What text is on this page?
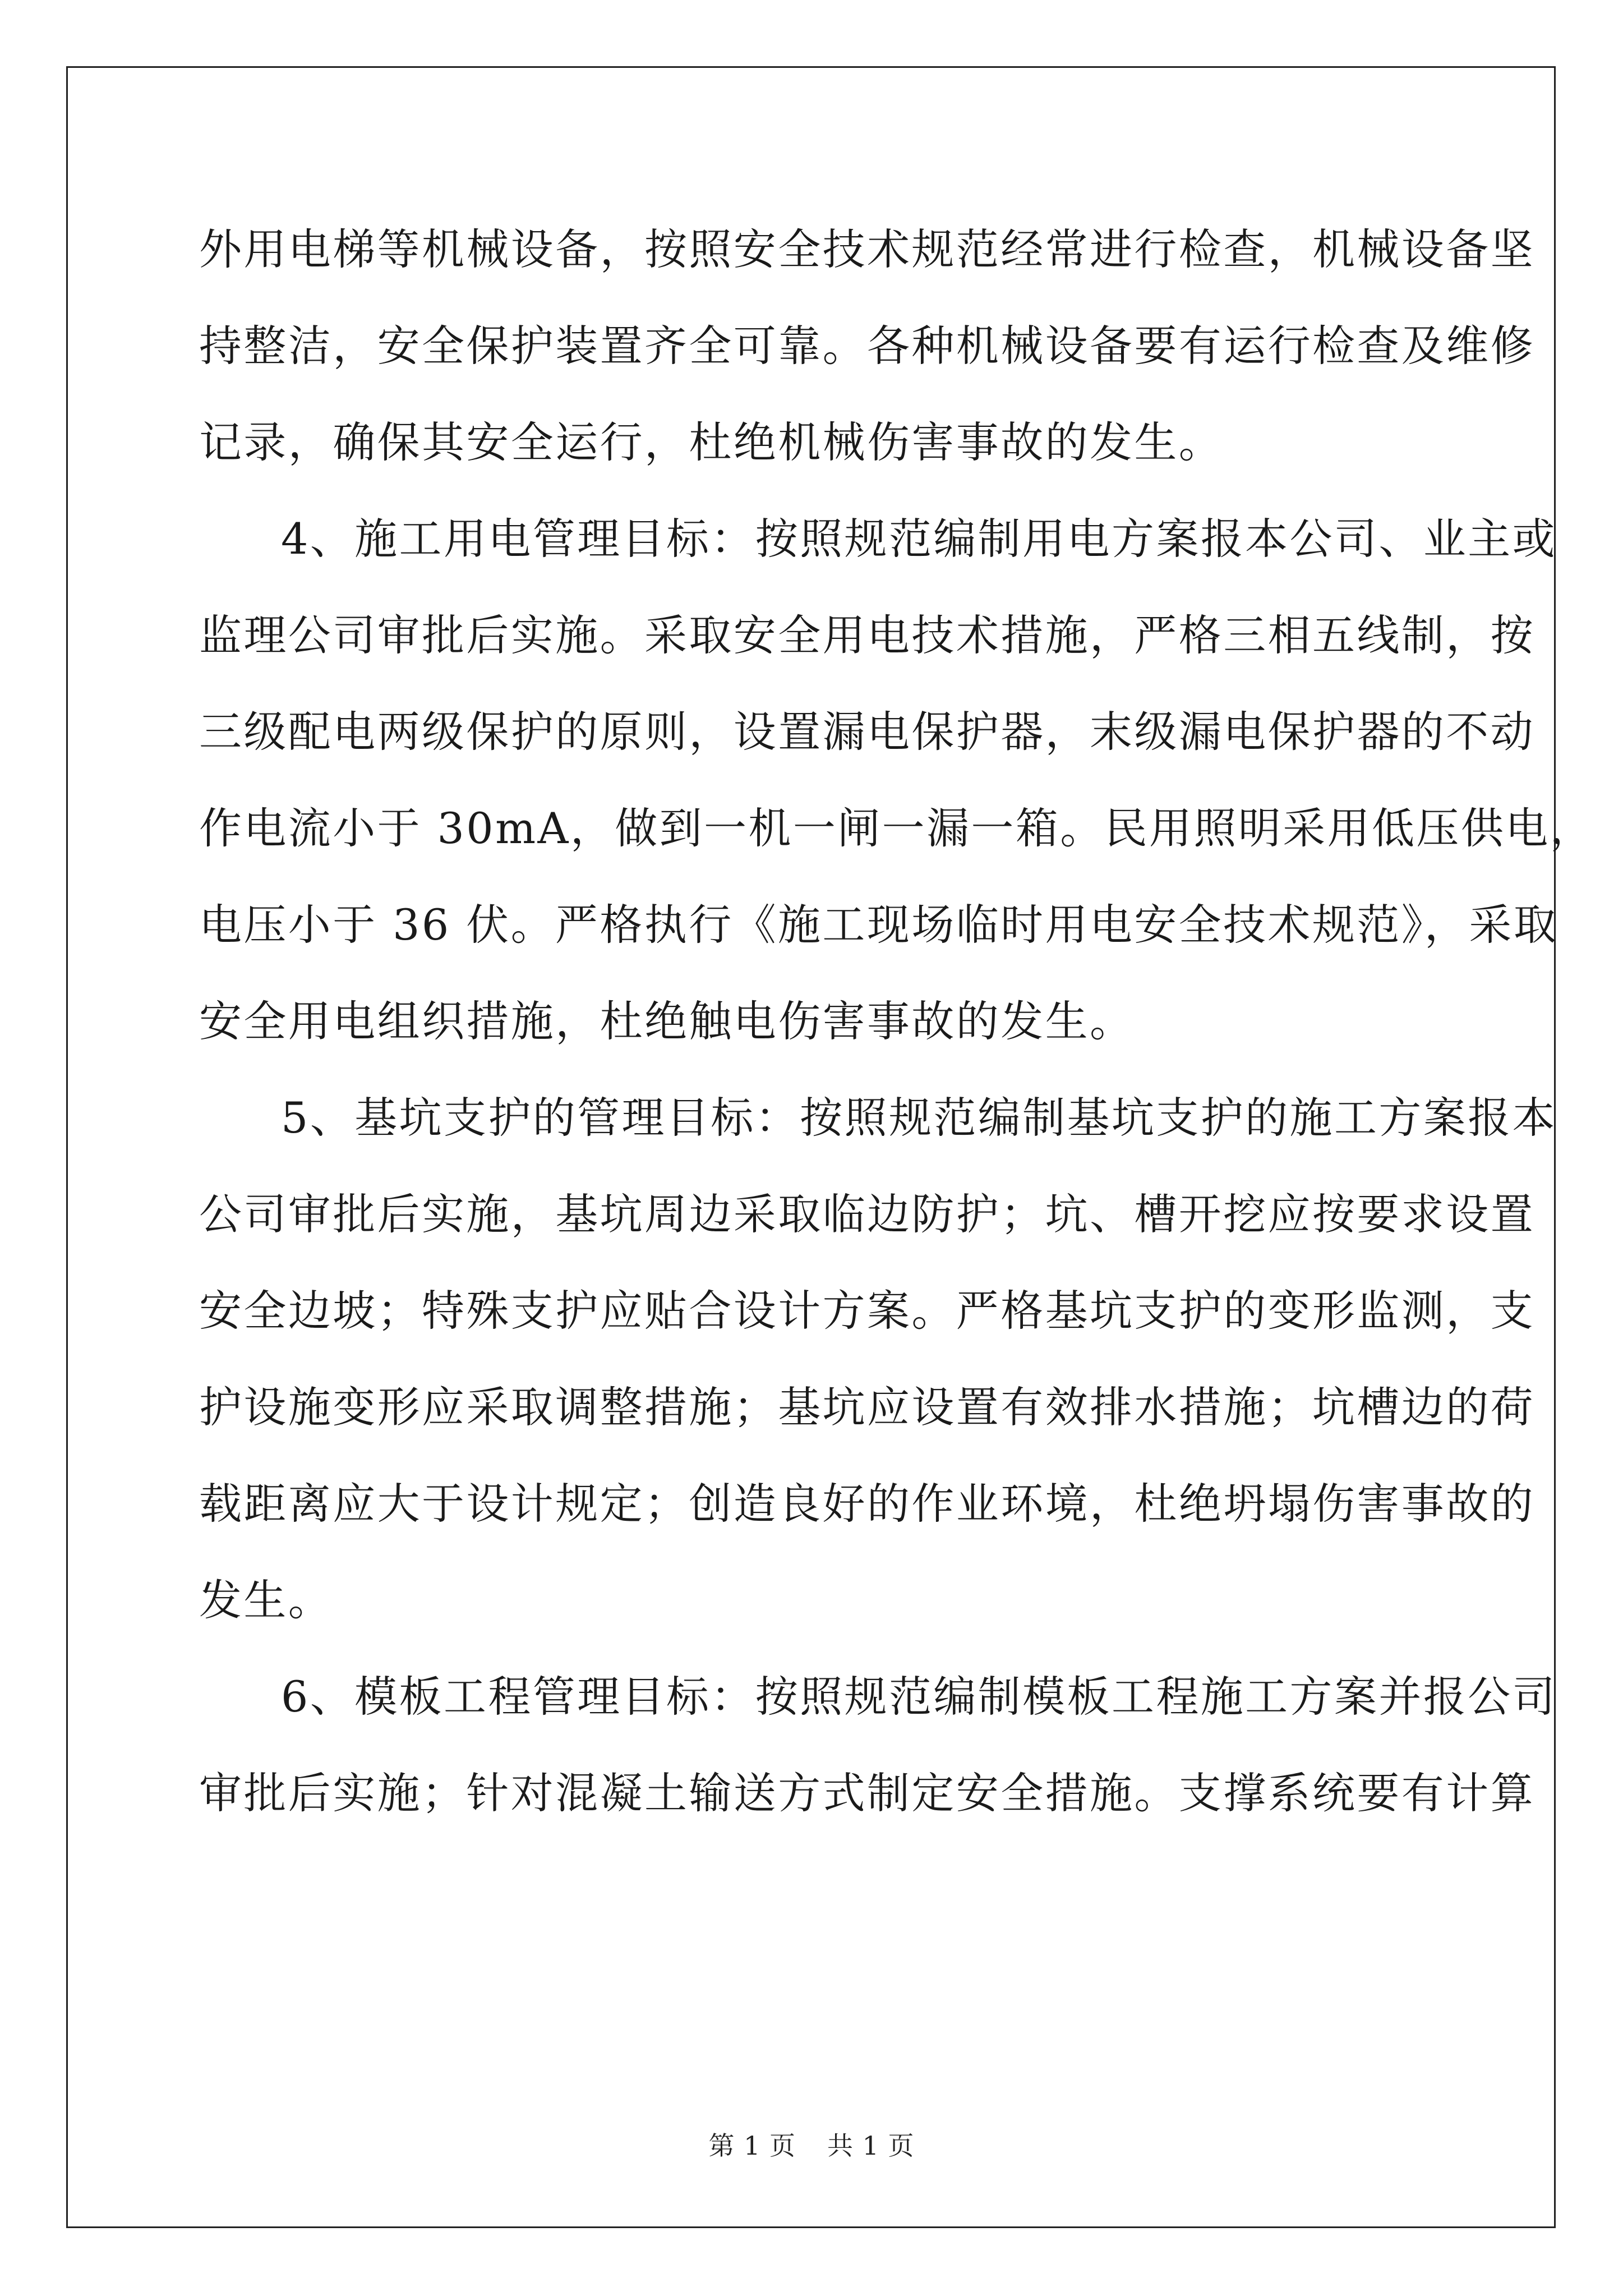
外用电梯等机械设备，按照安全技术规范经常进行检查，机械设备坚
持整洁，安全保护装置齐全可靠。各种机械设备要有运行检查及维修
记录，确保其安全运行，杜绝机械伤害事故的发生。
4、施工用电管理目标：按照规范编制用电方案报本公司、业主或
监理公司审批后实施。采取安全用电技术措施，严格三相五线制，按
三级配电两级保护的原则，设置漏电保护器，末级漏电保护器的不动
作电流小于 30mA，做到一机一闸一漏一箱。民用照明采用低压供电，
电压小于 36 伏。严格执行《施工现场临时用电安全技术规范》，采取
安全用电组织措施，杜绝触电伤害事故的发生。
5、基坑支护的管理目标：按照规范编制基坑支护的施工方案报本
公司审批后实施，基坑周边采取临边防护；坑、槽开挖应按要求设置
安全边坡；特殊支护应贴合设计方案。严格基坑支护的变形监测，支
护设施变形应采取调整措施；基坑应设置有效排水措施；坑槽边的荷
载距离应大于设计规定；创造良好的作业环境，杜绝坍塌伤害事故的
发生。
6、模板工程管理目标：按照规范编制模板工程施工方案并报公司
审批后实施；针对混凝土输送方式制定安全措施。支撑系统要有计算
第 1 页 共 1 页
